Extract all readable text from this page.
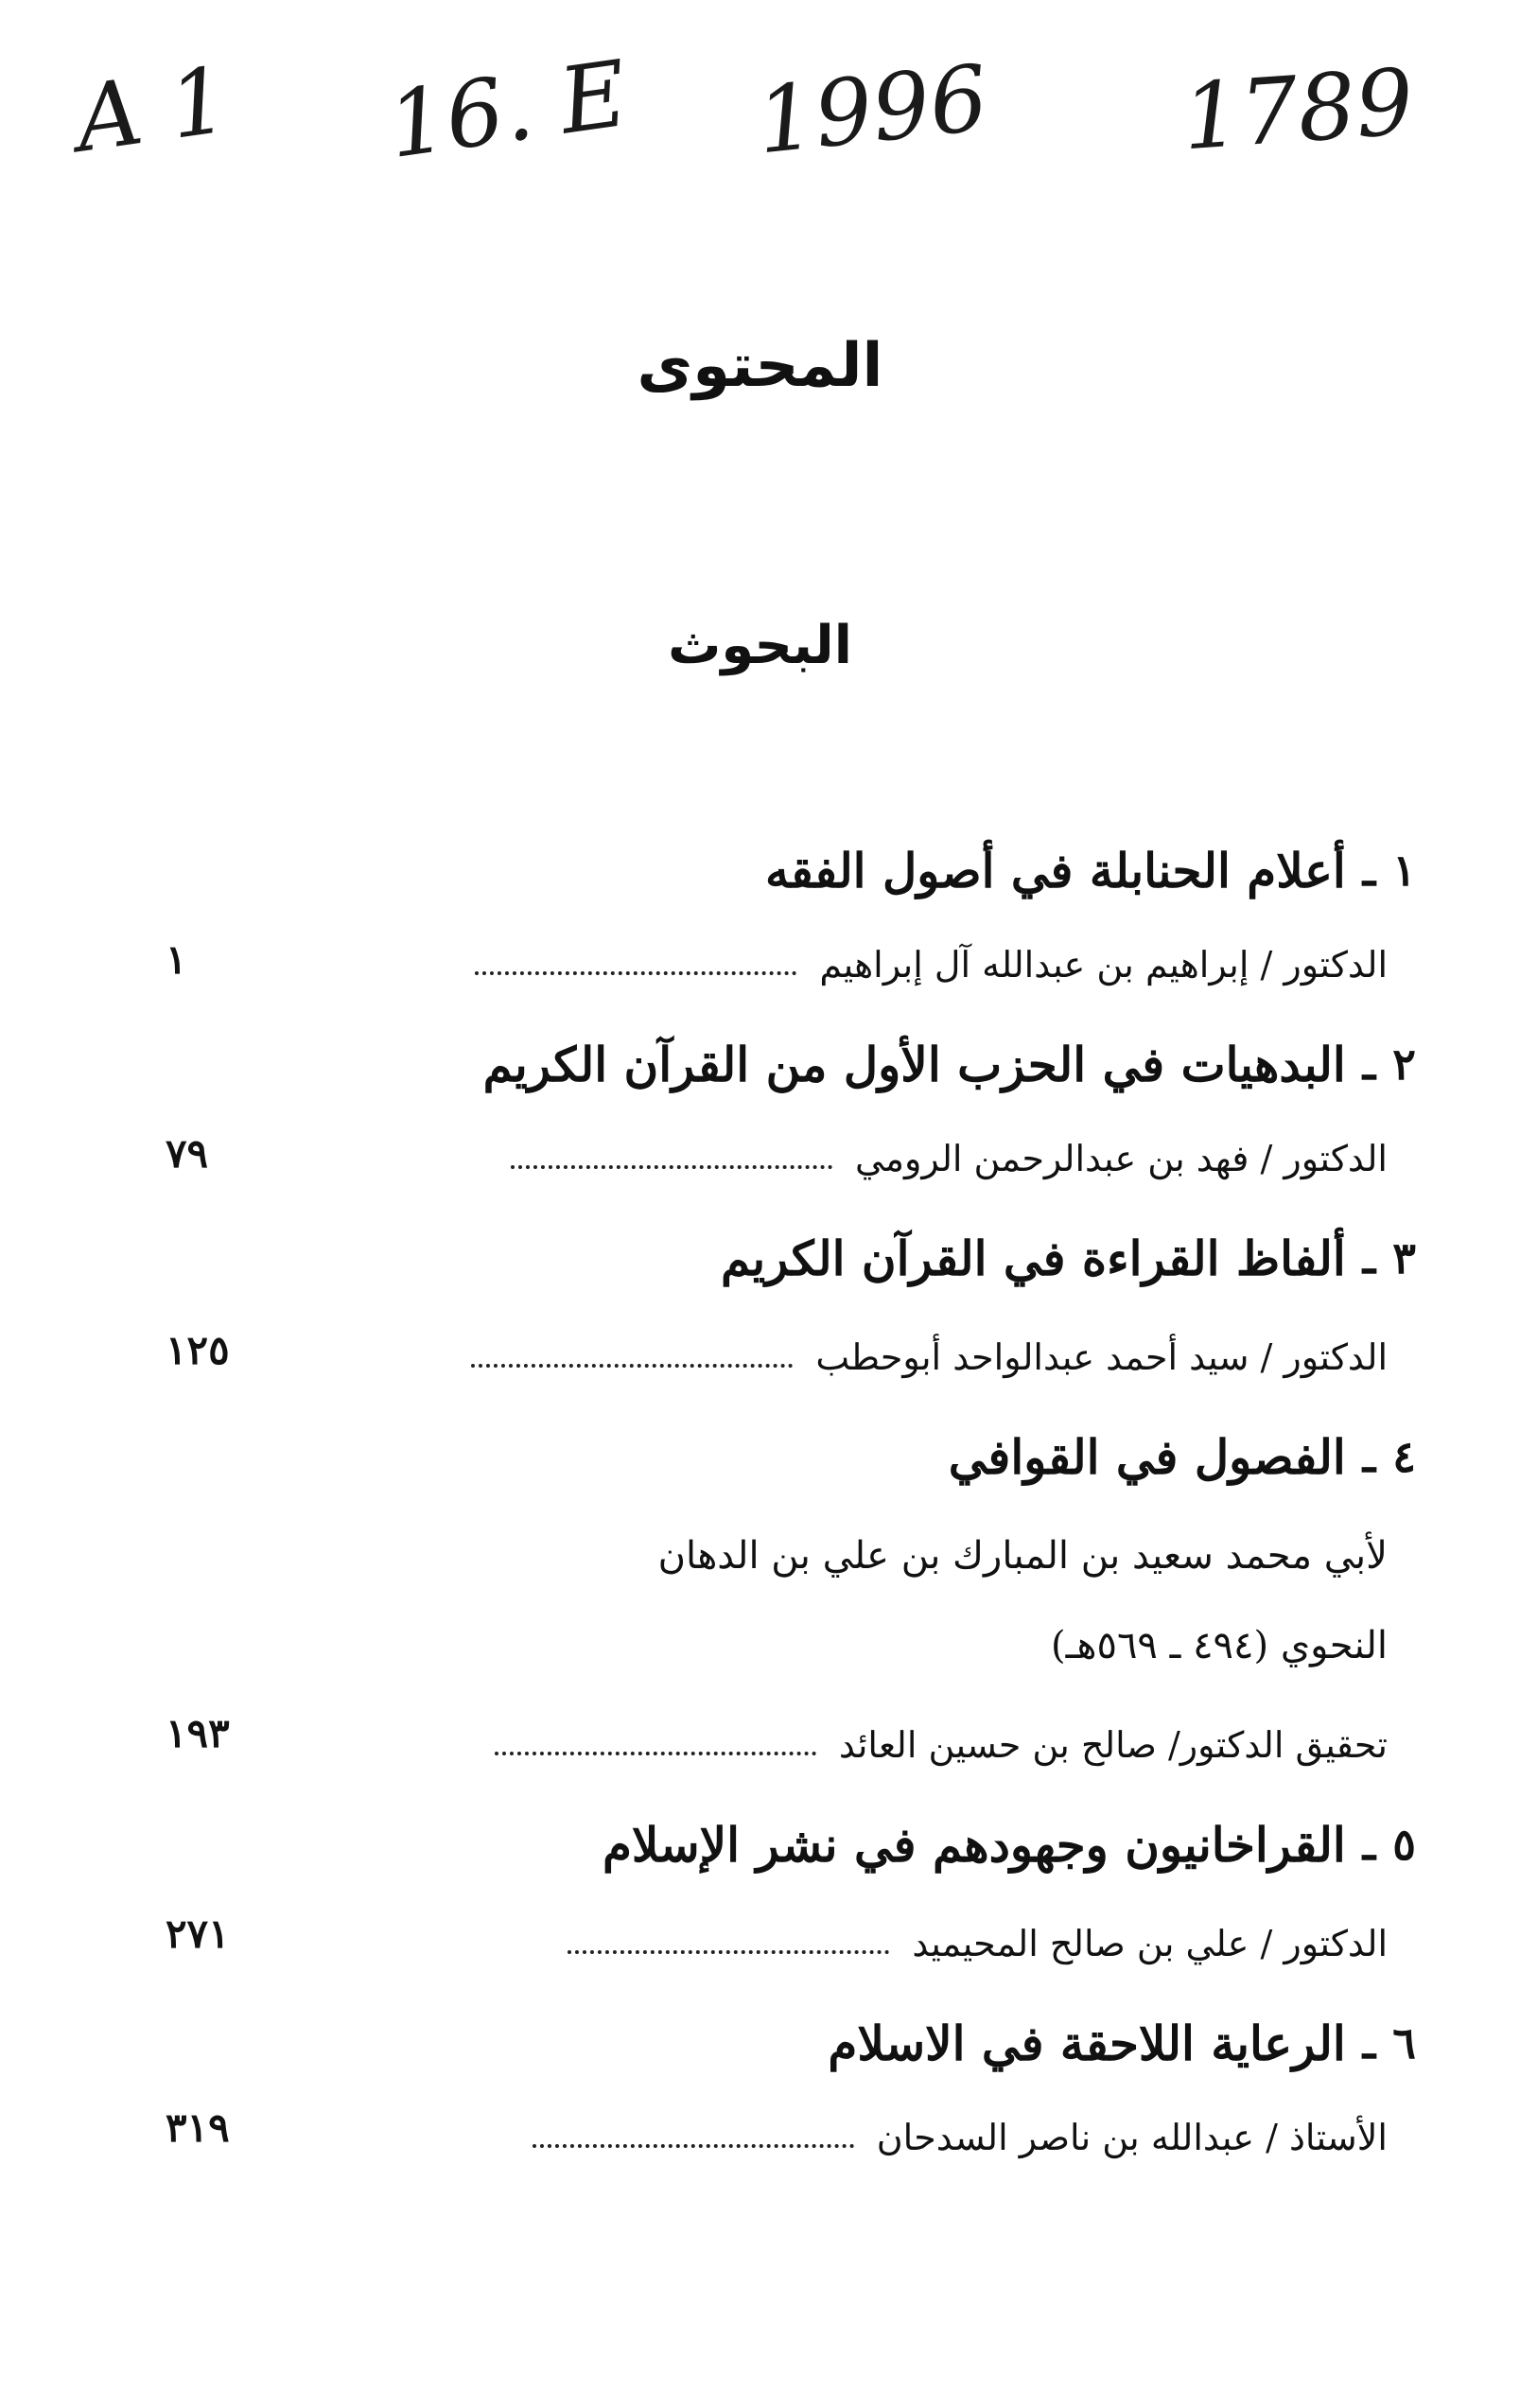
A 1 16. E 1996 1789
المحتوى
البحوث
١
ـ
أعلام الحنابلة في أصول الفقه
الدكتور / إبراهيم بن عبدالله آل إبراهيم
١
٢
ـ
البدهيات في الحزب الأول من القرآن الكريم
الدكتور / فهد بن عبدالرحمن الرومي
٧٩
٣
ـ
ألفاظ القراءة في القرآن الكريم
الدكتور / سيد أحمد عبدالواحد أبوحطب
١٢٥
٤
ـ
الفصول في القوافي
لأبي محمد سعيد بن المبارك بن علي بن الدهان
النحوي (٤٩٤ ـ ٥٦٩هـ)
تحقيق الدكتور/ صالح بن حسين العائد
١٩٣
٥
ـ
القراخانيون وجهودهم في نشر الإسلام
الدكتور / علي بن صالح المحيميد
٢٧١
٦
ـ
الرعاية اللاحقة في الاسلام
الأستاذ / عبدالله بن ناصر السدحان
٣١٩
